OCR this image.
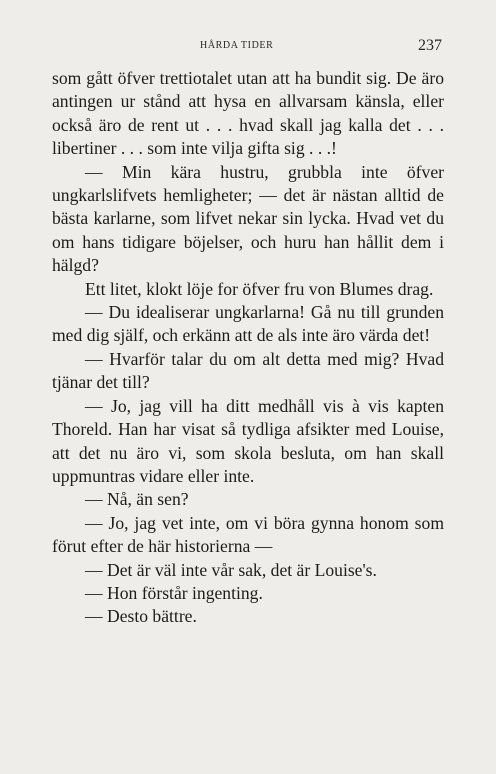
HÅRDA TIDER	237

som gått öfver trettiotalet utan att ha bundit sig. De äro antingen ur stånd att hysa en allvarsam känsla, eller också äro de rent ut . . . hvad skall jag kalla det . . . libertiner . . . som inte vilja gifta sig . . .!

— Min kära hustru, grubbla inte öfver ungkarlslifvets hemligheter; — det är nästan alltid de bästa karlarne, som lifvet nekar sin lycka. Hvad vet du om hans tidigare böjelser, och huru han hållit dem i hälgd?

Ett litet, klokt löje for öfver fru von Blumes drag.

— Du idealiserar ungkarlarna! Gå nu till grunden med dig själf, och erkänn att de als inte äro värda det!

— Hvarför talar du om alt detta med mig? Hvad tjänar det till?

— Jo, jag vill ha ditt medhåll vis à vis kapten Thoreld. Han har visat så tydliga afsikter med Louise, att det nu äro vi, som skola besluta, om han skall uppmuntras vidare eller inte.

— Nå, än sen?

— Jo, jag vet inte, om vi böra gynna honom som förut efter de här historierna —

— Det är väl inte vår sak, det är Louise's.

— Hon förstår ingenting.

— Desto bättre.
